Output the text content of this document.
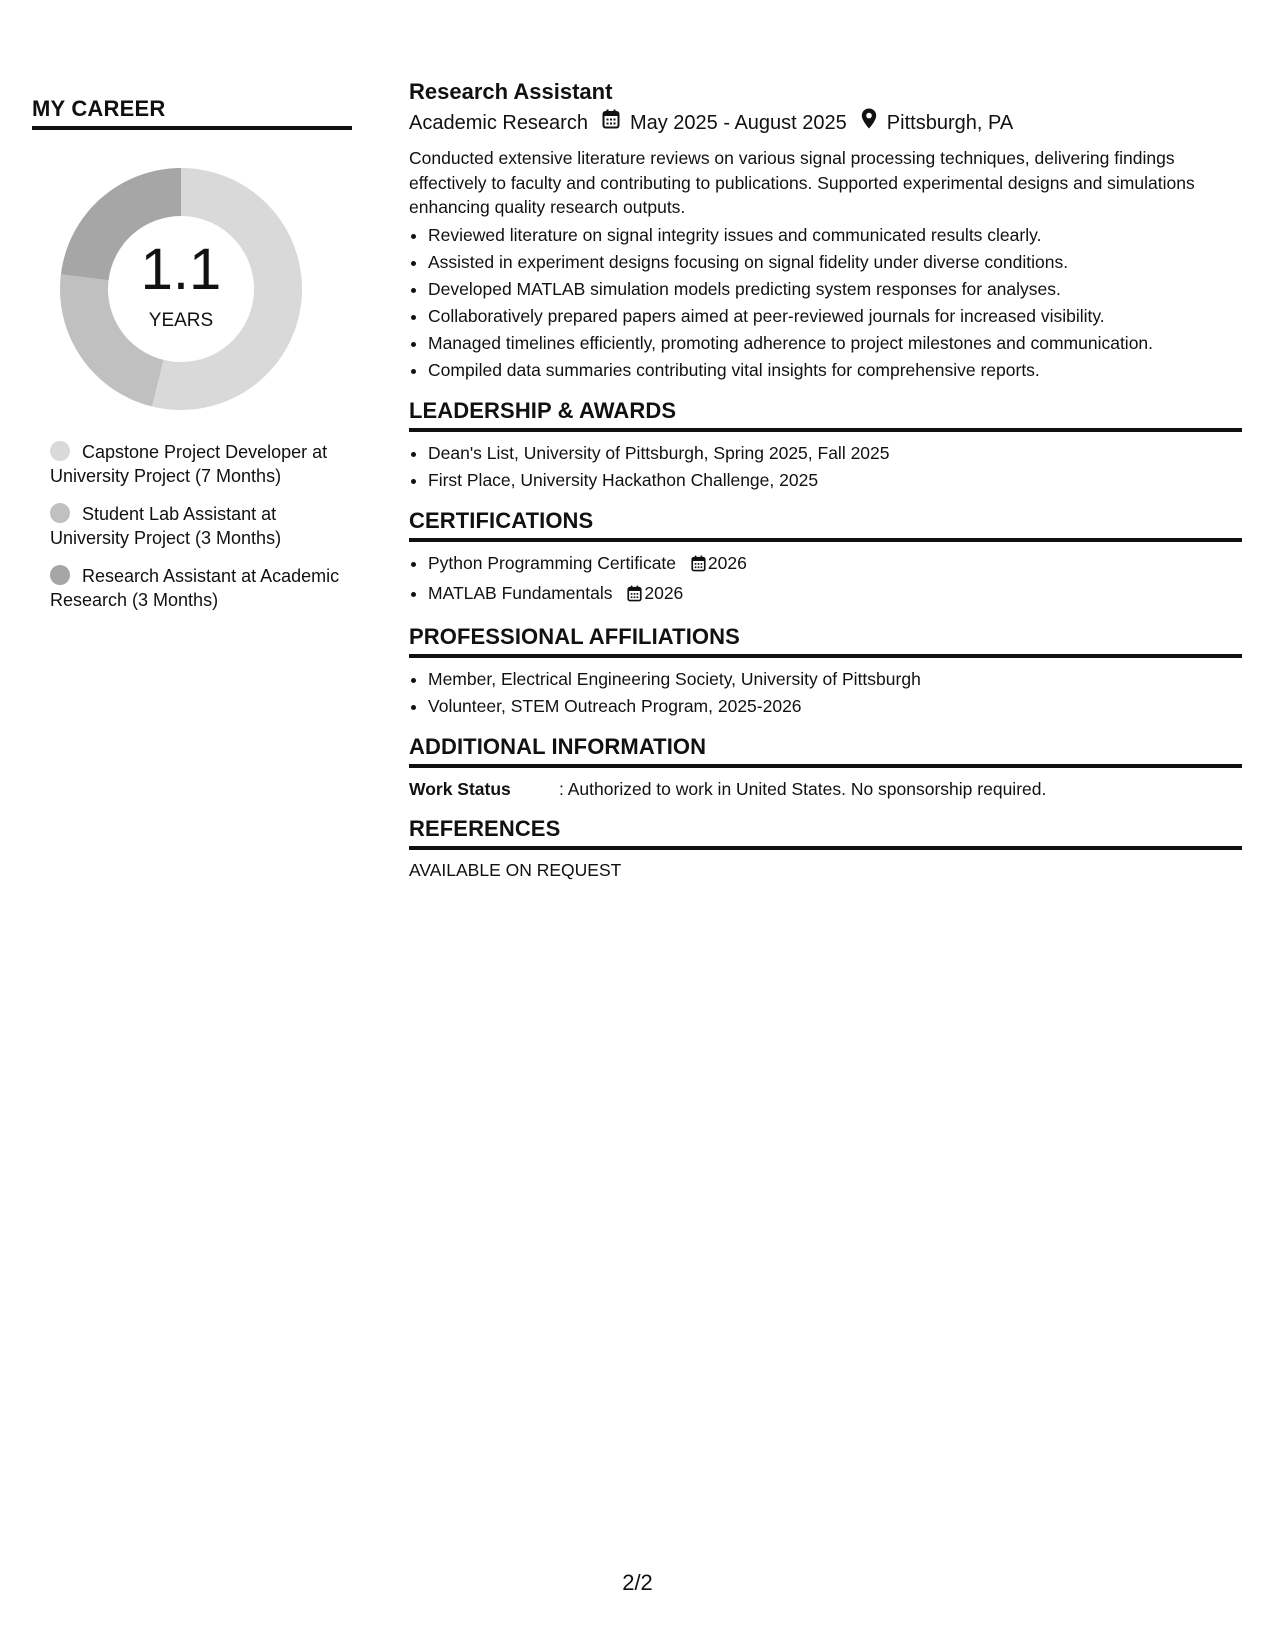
MY CAREER
1.1
YEARS
Capstone Project Developer at University Project (7 Months)
Student Lab Assistant at University Project (3 Months)
Research Assistant at Academic Research (3 Months)
Research Assistant
Academic Research May 2025 - August 2025 Pittsburgh, PA

Conducted extensive literature reviews on various signal processing techniques, delivering findings effectively to faculty and contributing to publications. Supported experimental designs and simulations enhancing quality research outputs.

• Reviewed literature on signal integrity issues and communicated results clearly.
• Assisted in experiment designs focusing on signal fidelity under diverse conditions.
• Developed MATLAB simulation models predicting system responses for analyses.
• Collaboratively prepared papers aimed at peer-reviewed journals for increased visibility.
• Managed timelines efficiently, promoting adherence to project milestones and communication.
• Compiled data summaries contributing vital insights for comprehensive reports.
LEADERSHIP & AWARDS
• Dean's List, University of Pittsburgh, Spring 2025, Fall 2025
• First Place, University Hackathon Challenge, 2025
CERTIFICATIONS
• Python Programming Certificate 2026
• MATLAB Fundamentals 2026
PROFESSIONAL AFFILIATIONS
• Member, Electrical Engineering Society, University of Pittsburgh
• Volunteer, STEM Outreach Program, 2025-2026
ADDITIONAL INFORMATION
Work Status	: Authorized to work in United States. No sponsorship required.
REFERENCES
AVAILABLE ON REQUEST
2/2
